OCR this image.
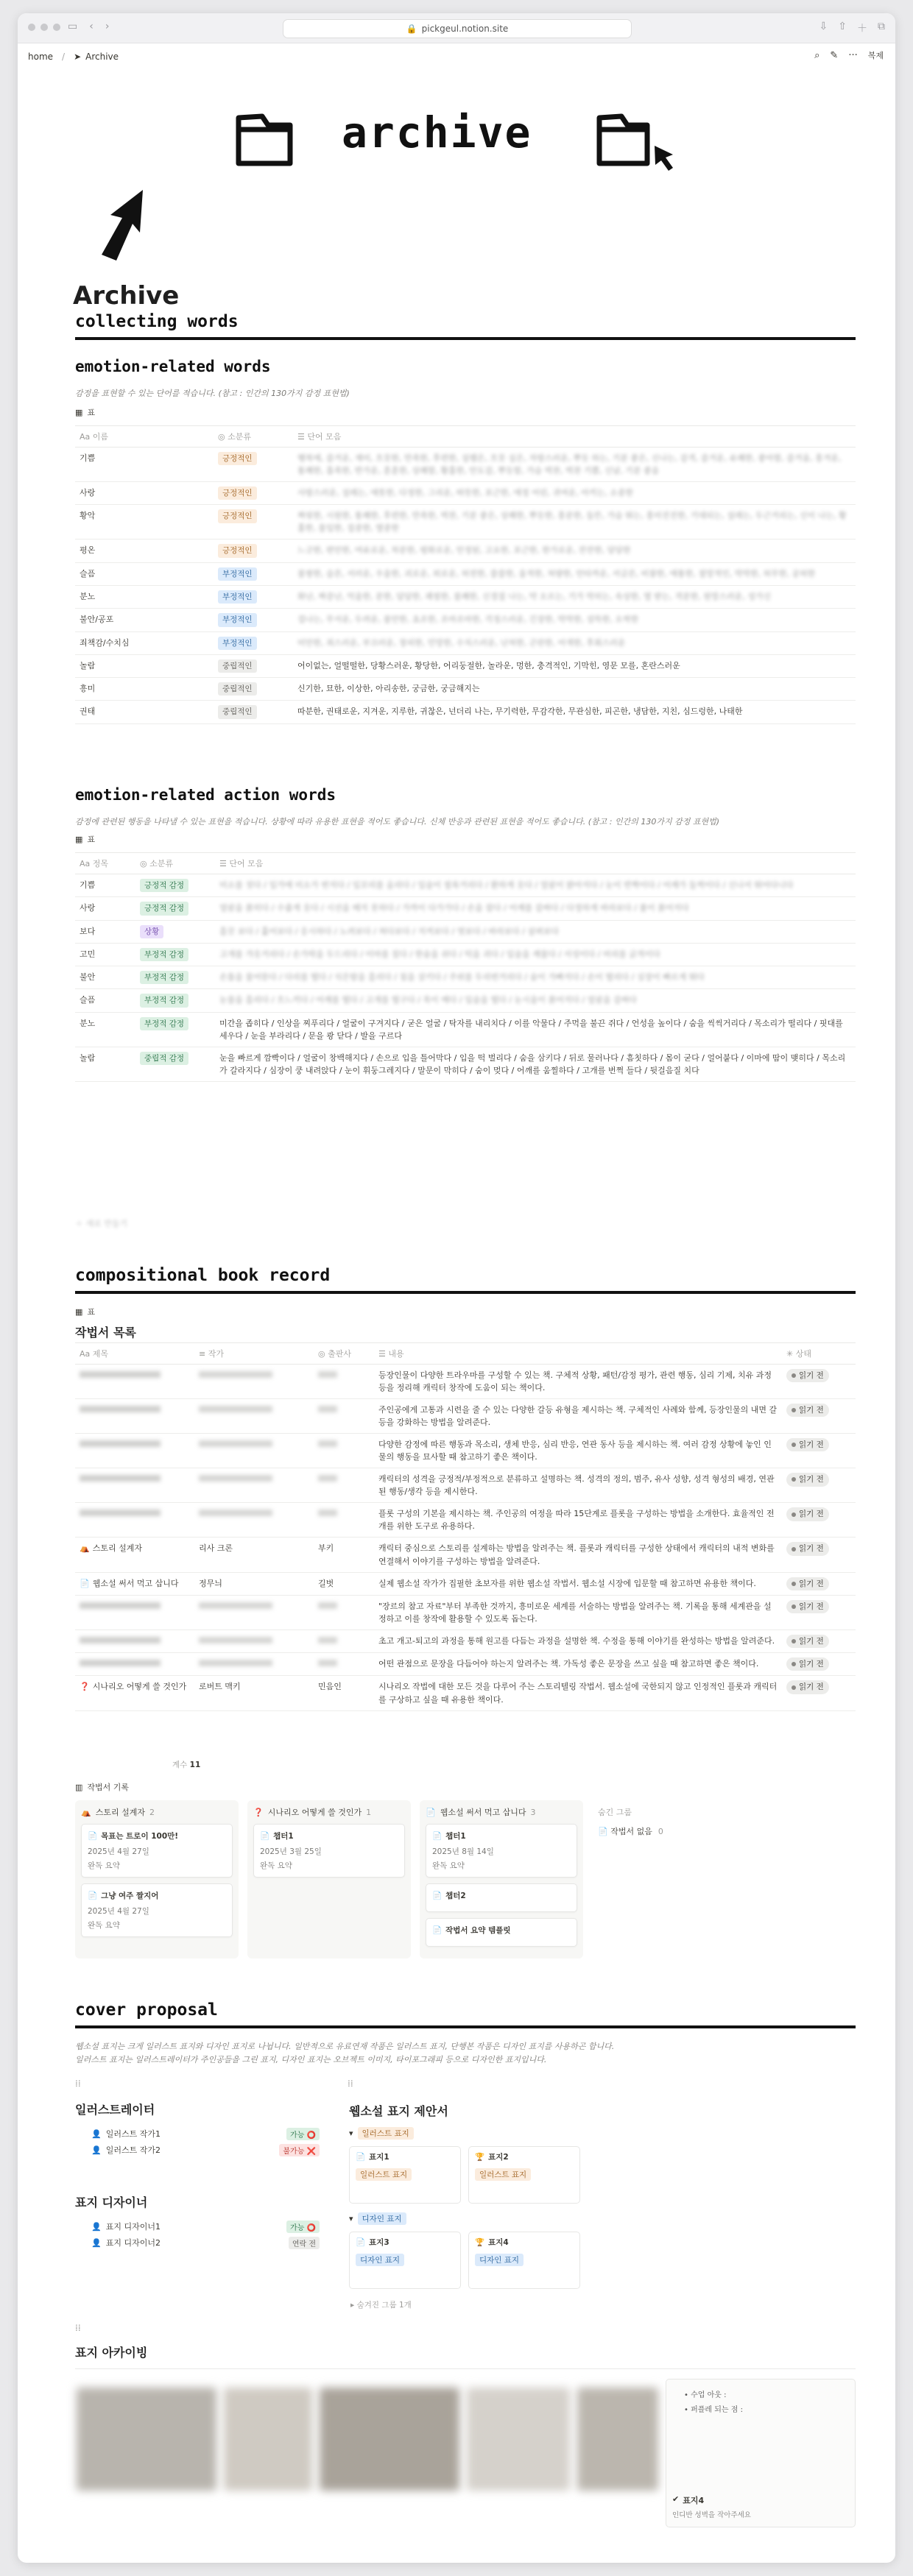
▭ ‹ ›	🔒 pickgeul.notion.site	⇩ ⇧ ＋ ⧉
home / ➤ Archive	⌕ ✎ ··· 복제
archive
Archive
collecting words
emotion-related words
감정을 표현할 수 있는 단어를 적습니다. (참고 : 인간의 130가지 감정 표현법)
▦ 표
Aa 이름	◎ 소분류	☰ 단어 모음
기쁨	긍정적인	행복에, 즐거운, 재미, 흐뭇한, 만족한, 후련한, 설렘은, 흐뭇 실은, 자랑스러운, 뿌듯 하는, 기분 좋은, 신나는, 감격, 즐거운, 유쾌한, 좋아함, 즐거움, 흥겨운, 통쾌한, 흡족한, 반가운, 훈훈한, 상쾌함, 황홀한, 안도감, 뿌듯함, 가슴 벅찬, 벅찬 기쁨, 신남, 기분 좋음
사랑	긍정적인	사랑스러운, 설레는, 애틋한, 다정한, 그리운, 따뜻한, 포근한, 애정 어린, 귀여운, 아끼는, 소중한
황악	긍정적인	짜릿한, 시원한, 통쾌한, 후련한, 만족한, 벅찬, 기분 좋은, 상쾌한, 뿌듯한, 흥분한, 들뜬, 가슴 뛰는, 흥미진진한, 기대되는, 설레는, 두근거리는, 신이 나는, 황홀한, 몰입한, 집중한, 열중한
평온	긍정적인	느긋한, 편안한, 여유로운, 차분한, 평화로운, 안정된, 고요한, 포근한, 한가로운, 잔잔한, 담담한
슬픔	부정적인	불쌍한, 슬픈, 서러운, 우울한, 괴로운, 외로운, 허전한, 쓸쓸한, 울적한, 처량한, 안타까운, 서글픈, 비참한, 애통한, 절망적인, 막막한, 허무한, 공허한
분노	부정적인	화난, 짜증난, 억울한, 분한, 답답한, 괘씸한, 불쾌한, 신경질 나는, 약 오르는, 기가 막히는, 속상한, 열 받는, 격분한, 원망스러운, 성가신
불안/공포	부정적인	겁나는, 무서운, 두려운, 불안한, 초조한, 조마조마한, 걱정스러운, 긴장한, 막막한, 섬뜩한, 오싹한
죄책감/수치심	부정적인	미안한, 죄스러운, 부끄러운, 창피한, 민망한, 수치스러운, 난처한, 곤란한, 어색한, 후회스러운
놀람	중립적인	어이없는, 얼떨떨한, 당황스러운, 황당한, 어리둥절한, 놀라운, 멍한, 충격적인, 기막힌, 영문 모를, 혼란스러운
흥미	중립적인	신기한, 묘한, 이상한, 아리송한, 궁금한, 궁금해지는
권태	중립적인	따분한, 권태로운, 지겨운, 지루한, 귀찮은, 넌더리 나는, 무기력한, 무감각한, 무관심한, 피곤한, 냉담한, 지친, 심드렁한, 나태한
emotion-related action words
감정에 관련된 행동을 나타낼 수 있는 표현을 적습니다. 상황에 따라 유용한 표현을 적어도 좋습니다. 신체 반응과 관련된 표현을 적어도 좋습니다. (참고 : 인간의 130가지 감정 표현법)
▦ 표
Aa 정목	◎ 소분류	☰ 단어 모음
기쁨	긍정적 감정	미소를 짓다 / 입가에 미소가 번지다 / 입꼬리를 올리다 / 입술이 씰룩거리다 / 환하게 웃다 / 얼굴이 밝아지다 / 눈이 반짝이다 / 어깨가 들썩이다 / 신나서 뛰어다니다
사랑	긍정적 감정	얼굴을 붉히다 / 수줍게 웃다 / 시선을 떼지 못하다 / 가까이 다가가다 / 손을 잡다 / 어깨를 감싸다 / 다정하게 바라보다 / 볼이 붉어지다
보다	상황	흘끗 보다 / 훑어보다 / 응시하다 / 노려보다 / 쳐다보다 / 지켜보다 / 엿보다 / 바라보다 / 살펴보다
고민	부정적 감정	고개를 갸웃거리다 / 손가락을 두드리다 / 이마를 짚다 / 한숨을 쉬다 / 턱을 괴다 / 입술을 깨물다 / 서성이다 / 머리를 긁적이다
불안	부정적 감정	손톱을 물어뜯다 / 다리를 떨다 / 식은땀을 흘리다 / 침을 삼키다 / 주위를 두리번거리다 / 숨이 가빠지다 / 손이 떨리다 / 심장이 빠르게 뛰다
슬픔	부정적 감정	눈물을 흘리다 / 흐느끼다 / 어깨를 떨다 / 고개를 떨구다 / 목이 메다 / 입술을 떨다 / 눈시울이 붉어지다 / 얼굴을 감싸다
분노	부정적 감정	미간을 좁히다 / 인상을 찌푸리다 / 얼굴이 구겨지다 / 굳은 얼굴 / 탁자를 내리치다 / 이를 악물다 / 주먹을 불끈 쥐다 / 언성을 높이다 / 숨을 씩씩거리다 / 목소리가 떨리다 / 핏대를 세우다 / 눈을 부라리다 / 문을 쾅 닫다 / 발을 구르다
놀람	중립적 감정	눈을 빠르게 깜빡이다 / 얼굴이 창백해지다 / 손으로 입을 틀어막다 / 입을 떡 벌리다 / 숨을 삼키다 / 뒤로 물러나다 / 흠칫하다 / 몸이 굳다 / 얼어붙다 / 이마에 땀이 맺히다 / 목소리가 갈라지다 / 심장이 쿵 내려앉다 / 눈이 휘둥그레지다 / 말문이 막히다 / 숨이 멎다 / 어깨를 움찔하다 / 고개를 번쩍 들다 / 뒷걸음질 치다
＋ 새로 만들기
compositional book record
▦ 표
작법서 목록
Aa 제목	≡ 작가	◎ 출판사	☰ 내용	✳ 상태
			등장인물이 다양한 트라우마를 구성할 수 있는 책. 구체적 상황, 패턴/감정 평가, 관련 행동, 심리 기제, 치유 과정 등을 정리해 캐릭터 창작에 도움이 되는 책이다.	읽기 전

			주인공에게 고통과 시련을 줄 수 있는 다양한 갈등 유형을 제시하는 책. 구체적인 사례와 함께, 등장인물의 내면 갈등을 강화하는 방법을 알려준다.	읽기 전

			다양한 감정에 따른 행동과 목소리, 생체 반응, 심리 반응, 연관 동사 등을 제시하는 책. 여러 감정 상황에 놓인 인물의 행동을 묘사할 때 참고하기 좋은 책이다.	읽기 전

			캐릭터의 성격을 긍정적/부정적으로 분류하고 설명하는 책. 성격의 정의, 범주, 유사 성향, 성격 형성의 배경, 연관된 행동/생각 등을 제시한다.	읽기 전

			플롯 구성의 기본을 제시하는 책. 주인공의 여정을 따라 15단계로 플롯을 구성하는 방법을 소개한다. 효율적인 전개를 위한 도구로 유용하다.	읽기 전

⛺ 스토리 설계자	리사 크론	부키	캐릭터 중심으로 스토리를 설계하는 방법을 알려주는 책. 플롯과 캐릭터를 구성한 상태에서 캐릭터의 내적 변화를 연결해서 이야기를 구성하는 방법을 알려준다.	읽기 전

📄 웹소설 써서 먹고 삽니다	정무늬	길벗	실제 웹소설 작가가 집필한 초보자를 위한 웹소설 작법서. 웹소설 시장에 입문할 때 참고하면 유용한 책이다.	읽기 전

			"장르의 참고 자료"부터 부족한 것까지, 흥미로운 세계를 서술하는 방법을 알려주는 책. 기록을 통해 세계관을 설정하고 이를 창작에 활용할 수 있도록 돕는다.	읽기 전

			초고 개고-퇴고의 과정을 통해 원고를 다듬는 과정을 설명한 책. 수정을 통해 이야기를 완성하는 방법을 알려준다.	읽기 전

			어떤 관점으로 문장을 다듬어야 하는지 알려주는 책. 가독성 좋은 문장을 쓰고 싶을 때 참고하면 좋은 책이다.	읽기 전

❓ 시나리오 어떻게 쓸 것인가	로버트 맥키	민음인	시나리오 작법에 대한 모든 것을 다루어 주는 스토리텔링 작법서. 웹소설에 국한되지 않고 인정적인 플롯과 캐릭터를 구상하고 싶을 때 유용한 책이다.	읽기 전
계수 11
▥ 작법서 기록
⛺ 스토리 설계자 2
📄 목표는 트로이 100만!
2025년 4월 27일
완독 요약
📄 그냥 여주 짤지어
2025년 4월 27일
완독 요약
❓ 시나리오 어떻게 쓸 것인가 1
📄 챕터1
2025년 3월 25일
완독 요약
📄 웹소설 써서 먹고 삽니다 3
📄 챕터1
2025년 8월 14일
완독 요약
📄 챕터2
📄 작법서 요약 템플릿
숨긴 그룹
📄 작법서 없음 0
cover proposal
웹소설 표지는 크게 일러스트 표지와 디자인 표지로 나뉩니다. 일반적으로 유료연재 작품은 일러스트 표지, 단행본 작품은 디자인 표지를 사용하곤 합니다.
일러스트 표지는 일러스트레이터가 주인공들을 그린 표지, 디자인 표지는 오브젝트 이미지, 타이포그래피 등으로 디자인한 표지입니다.
⁞⁞	⁞⁞
일러스트레이터
👤 일러스트 작가1	가능 ⭕
👤 일러스트 작가2	불가능 ❌
표지 디자이너
👤 표지 디자이너1	가능 ⭕
👤 표지 디자이너2	연락 전
웹소설 표지 제안서
▾	일러스트 표지
📄 표지1
일러스트 표지
🏆 표지2
일러스트 표지
▾	디자인 표지
📄 표지3
디자인 표지
🏆 표지4
디자인 표지
▸ 숨겨진 그룹 1개
⁞⁞
표지 아카이빙
• 수업 아웃 :
• 퍼플레 되는 점 :
✔ 표지4
인디반 성벽을 작아주세요
